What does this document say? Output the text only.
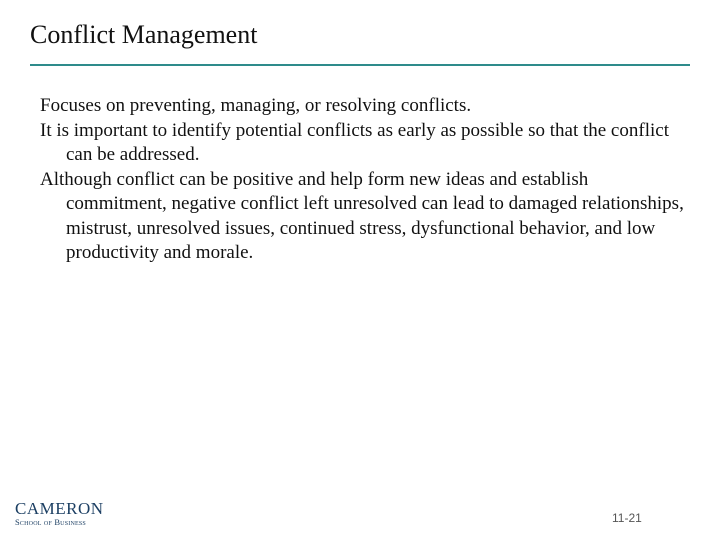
Conflict Management
Focuses on preventing, managing, or resolving conflicts.
It is important to identify potential conflicts as early as possible so that the conflict can be addressed.
Although conflict can be positive and help form new ideas and establish commitment, negative conflict left unresolved can lead to damaged relationships, mistrust, unresolved issues, continued stress, dysfunctional behavior, and low productivity and morale.
CAMERON
School of Business	11-21
